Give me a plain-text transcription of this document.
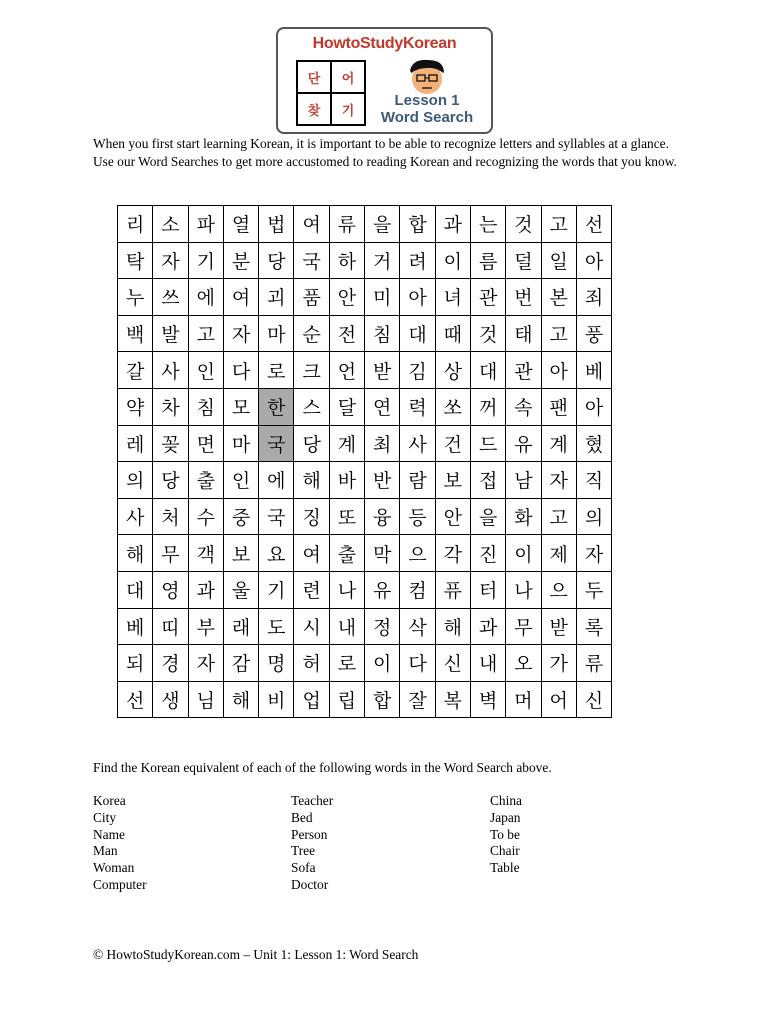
HowtoStudyKorean
단	어
찾	기
Lesson 1
Word Search
When you first start learning Korean, it is important to be able to recognize letters and syllables at a glance. Use our Word Searches to get more accustomed to reading Korean and recognizing the words that you know.
리	소	파	열	법	여	류	을	합	과	는	것	고	선
탁	자	기	분	당	국	하	거	려	이	름	덜	일	아
누	쓰	에	여	괴	품	안	미	아	녀	관	번	본	죄
백	발	고	자	마	순	전	침	대	때	것	태	고	풍
갈	사	인	다	로	크	언	받	김	상	대	관	아	베
약	차	침	모	한	스	달	연	력	쏘	꺼	속	팬	아
레	꽂	면	마	국	당	계	최	사	건	드	유	계	혔
의	당	출	인	에	해	바	반	람	보	접	남	자	직
사	처	수	중	국	징	또	융	등	안	을	화	고	의
해	무	객	보	요	여	출	막	으	각	진	이	제	자
대	영	과	울	기	련	나	유	컴	퓨	터	나	으	두
베	띠	부	래	도	시	내	정	삭	해	과	무	받	록
되	경	자	감	명	허	로	이	다	신	내	오	가	류
선	생	님	해	비	업	립	합	잘	복	벽	머	어	신
Find the Korean equivalent of each of the following words in the Word Search above.
Korea
City
Name
Man
Woman
Computer
Teacher
Bed
Person
Tree
Sofa
Doctor
China
Japan
To be
Chair
Table
© HowtoStudyKorean.com – Unit 1: Lesson 1: Word Search
